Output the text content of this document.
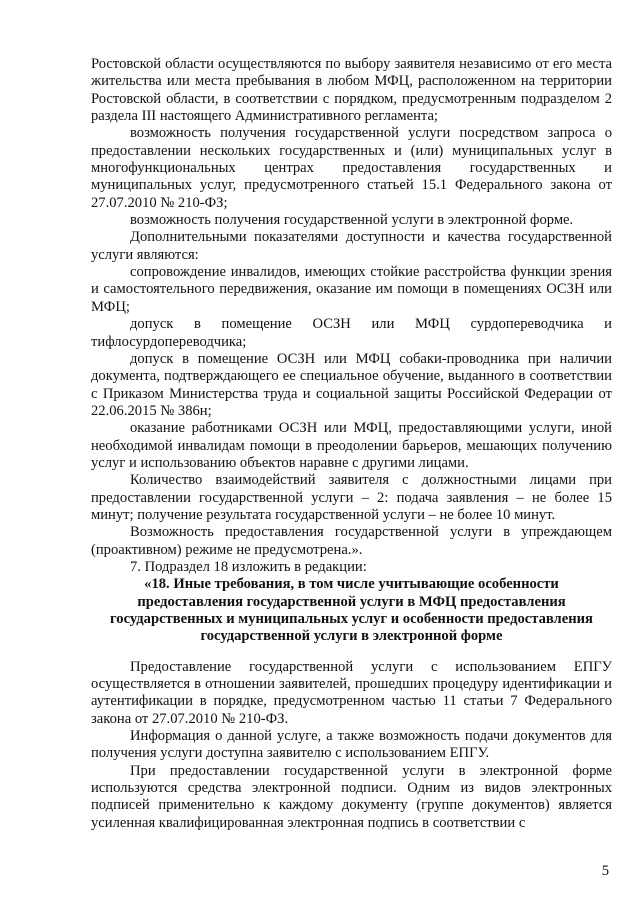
Ростовской области осуществляются по выбору заявителя независимо от его места жительства или места пребывания в любом МФЦ, расположенном на территории Ростовской области, в соответствии с порядком, предусмотренным подразделом 2 раздела III настоящего Административного регламента;

возможность получения государственной услуги посредством запроса о предоставлении нескольких государственных и (или) муниципальных услуг в многофункциональных центрах предоставления государственных и муниципальных услуг, предусмотренного статьей 15.1 Федерального закона от 27.07.2010 № 210-ФЗ;

возможность получения государственной услуги в электронной форме.

Дополнительными показателями доступности и качества государственной услуги являются:

сопровождение инвалидов, имеющих стойкие расстройства функции зрения и самостоятельного передвижения, оказание им помощи в помещениях ОСЗН или МФЦ;

допуск в помещение ОСЗН или МФЦ сурдопереводчика и тифлосурдопереводчика;

допуск в помещение ОСЗН или МФЦ собаки-проводника при наличии документа, подтверждающего ее специальное обучение, выданного в соответствии с Приказом Министерства труда и социальной защиты Российской Федерации от 22.06.2015 № 386н;

оказание работниками ОСЗН или МФЦ, предоставляющими услуги, иной необходимой инвалидам помощи в преодолении барьеров, мешающих получению услуг и использованию объектов наравне с другими лицами.

Количество взаимодействий заявителя с должностными лицами при предоставлении государственной услуги – 2: подача заявления – не более 15 минут; получение результата государственной услуги – не более 10 минут.

Возможность предоставления государственной услуги в упреждающем (проактивном) режиме не предусмотрена.».

7. Подраздел 18 изложить в редакции:

«18. Иные требования, в том числе учитывающие особенности предоставления государственной услуги в МФЦ предоставления государственных и муниципальных услуг и особенности предоставления государственной услуги в электронной форме

Предоставление государственной услуги с использованием ЕПГУ осуществляется в отношении заявителей, прошедших процедуру идентификации и аутентификации в порядке, предусмотренном частью 11 статьи 7 Федерального закона от 27.07.2010 № 210-ФЗ.

Информация о данной услуге, а также возможность подачи документов для получения услуги доступна заявителю с использованием ЕПГУ.

При предоставлении государственной услуги в электронной форме используются средства электронной подписи. Одним из видов электронных подписей применительно к каждому документу (группе документов) является усиленная квалифицированная электронная подпись в соответствии с

5
